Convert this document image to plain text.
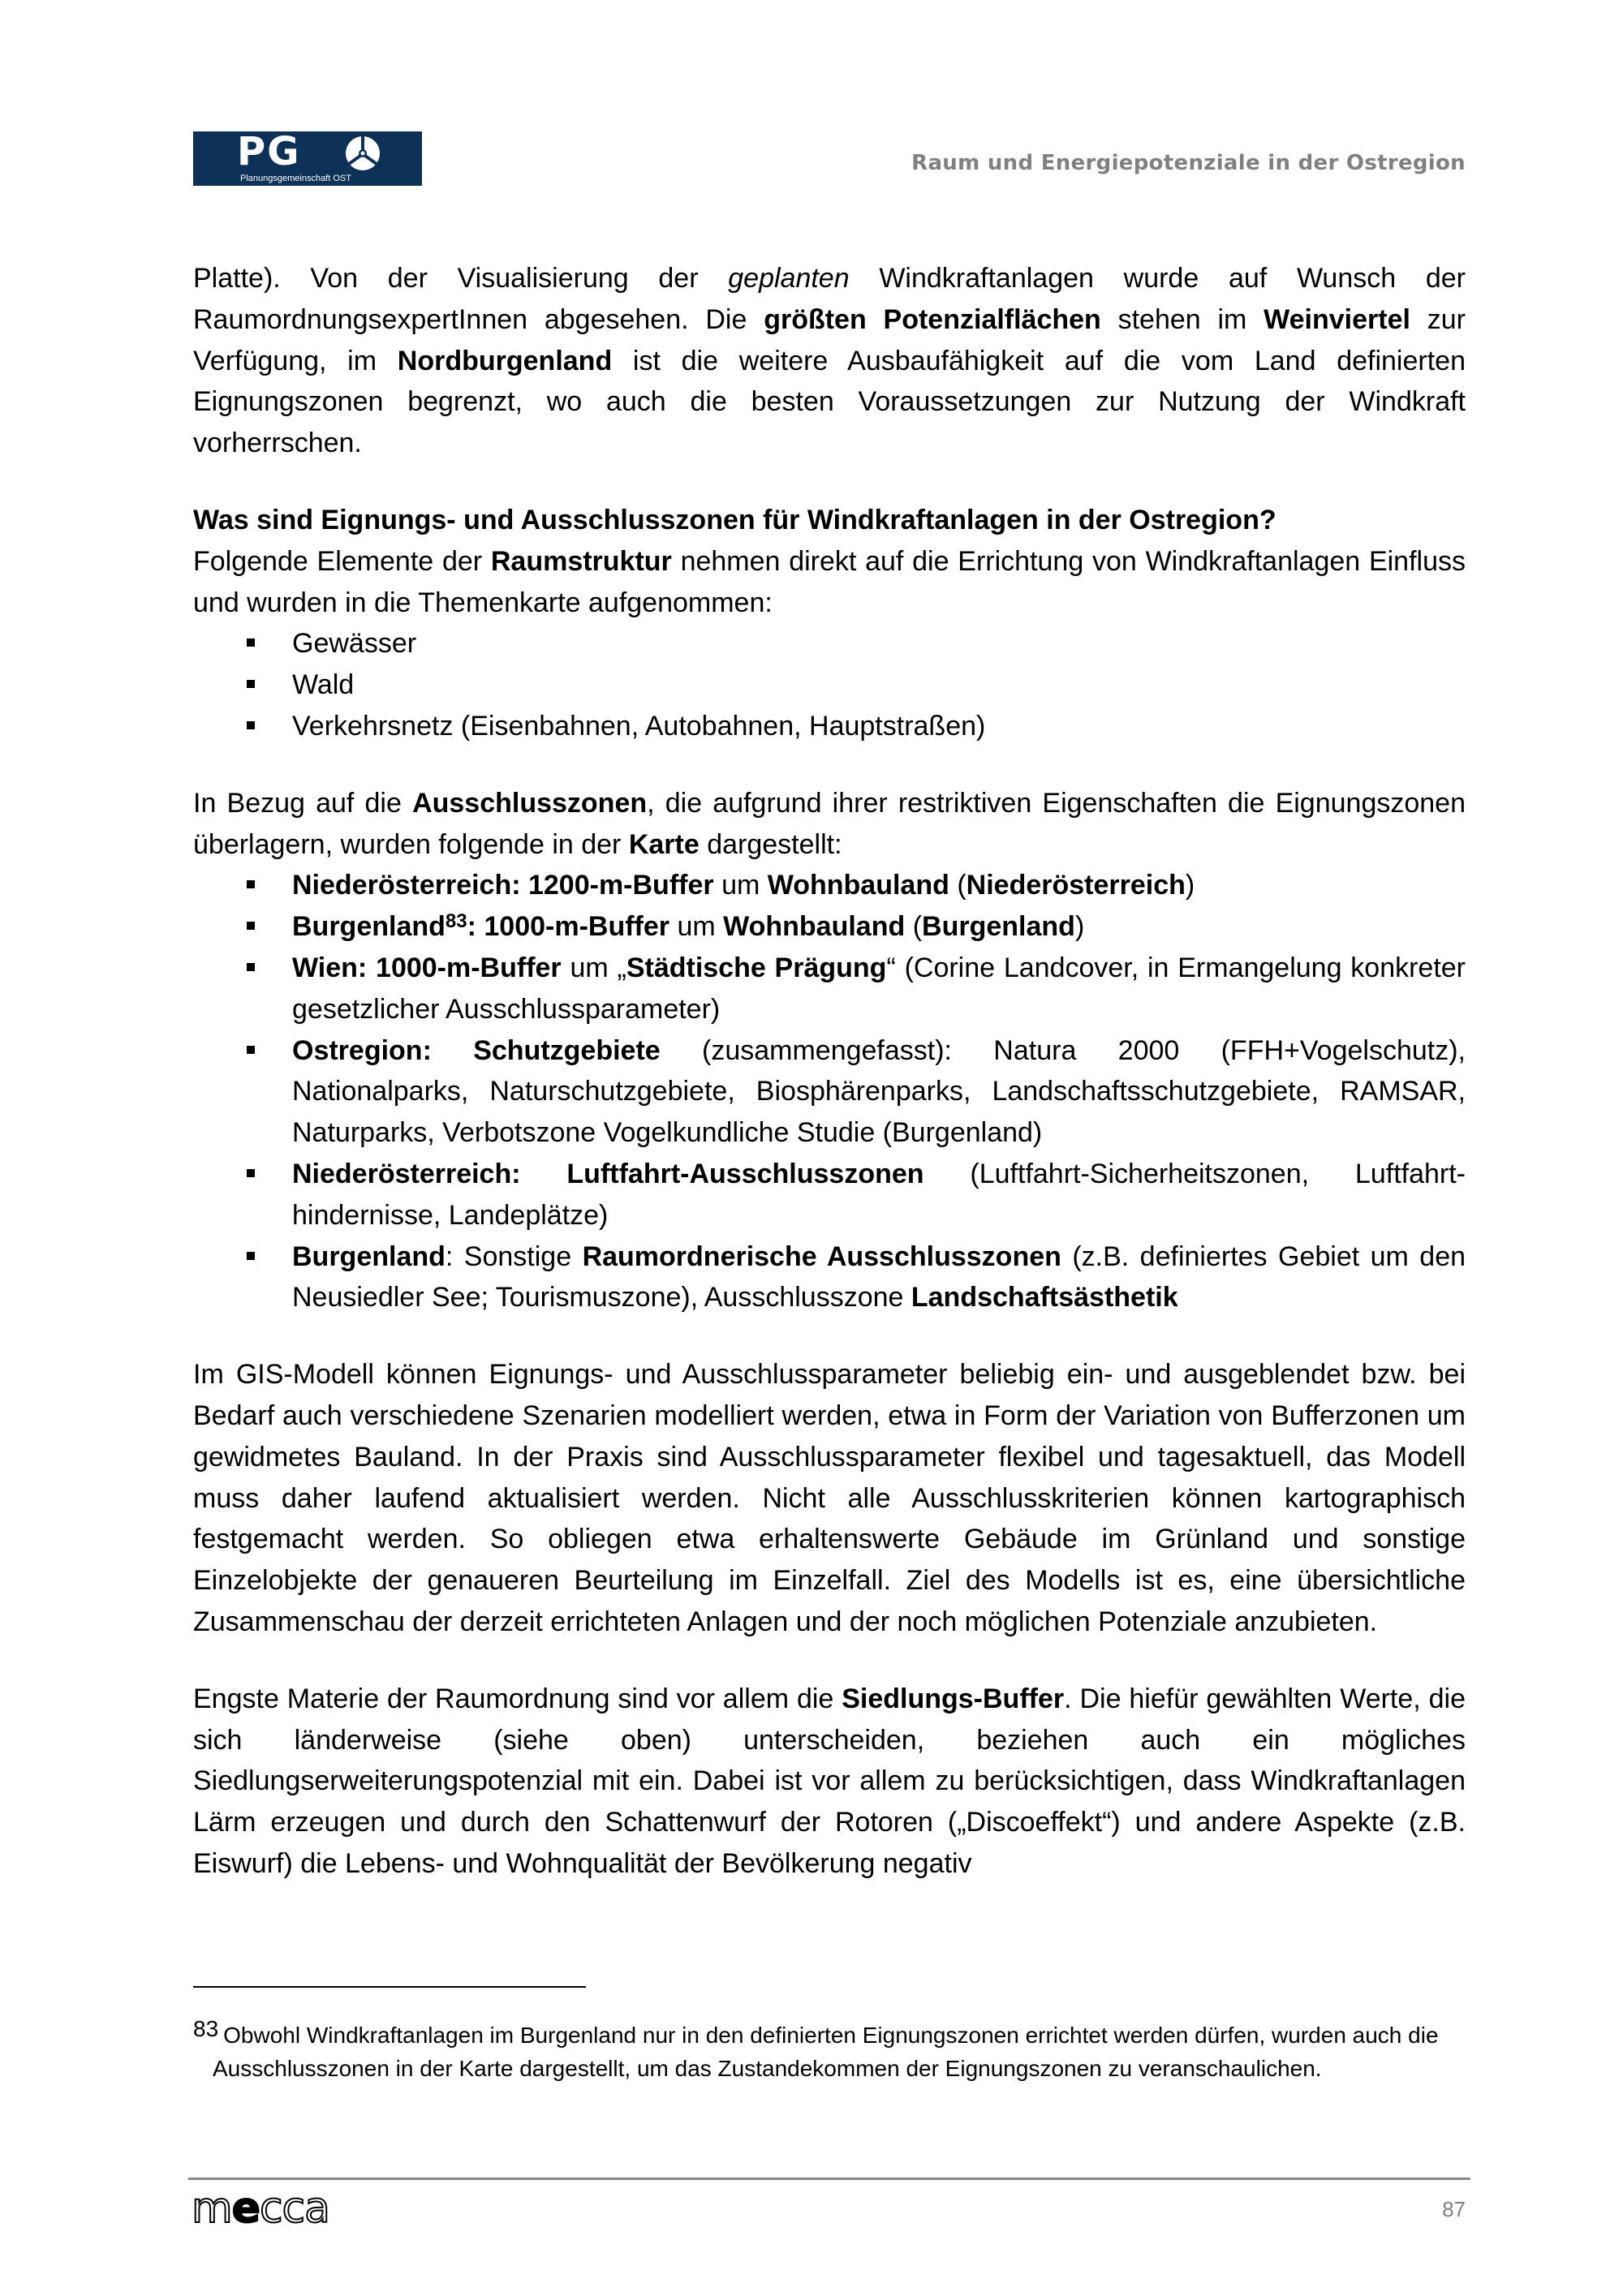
PG
Planungsgemeinschaft OST
Raum und Energiepotenziale in der Ostregion

Platte). Von der Visualisierung der geplanten Windkraftanlagen wurde auf Wunsch der RaumordnungsexpertInnen abgesehen. Die größten Potenzialflächen stehen im Weinviertel zur Verfügung, im Nordburgenland ist die weitere Ausbaufähigkeit auf die vom Land definierten Eignungszonen begrenzt, wo auch die besten Voraussetzungen zur Nutzung der Windkraft vorherrschen.

Was sind Eignungs- und Ausschlusszonen für Windkraftanlagen in der Ostregion?

Folgende Elemente der Raumstruktur nehmen direkt auf die Errichtung von Windkraftanlagen Einfluss und wurden in die Themenkarte aufgenommen:

Gewässer
Wald
Verkehrsnetz (Eisenbahnen, Autobahnen, Hauptstraßen)

In Bezug auf die Ausschlusszonen, die aufgrund ihrer restriktiven Eigenschaften die Eignungszonen überlagern, wurden folgende in der Karte dargestellt:

Niederösterreich: 1200-m-Buffer um Wohnbauland (Niederösterreich)
Burgenland$^{83}$: 1000-m-Buffer um Wohnbauland (Burgenland)
Wien: 1000-m-Buffer um „Städtische Prägung“ (Corine Landcover, in Ermangelung konkreter gesetzlicher Ausschlussparameter)
Ostregion: Schutzgebiete (zusammengefasst): Natura 2000 (FFH+Vogelschutz), Nationalparks, Naturschutzgebiete, Biosphärenparks, Landschaftsschutzgebiete, RAMSAR, Naturparks, Verbotszone Vogelkundliche Studie (Burgenland)
Niederösterreich: Luftfahrt-Ausschlusszonen (Luftfahrt-Sicherheitszonen, Luftfahrt-hindernisse, Landeplätze)
Burgenland: Sonstige Raumordnerische Ausschlusszonen (z.B. definiertes Gebiet um den Neusiedler See; Tourismuszone), Ausschlusszone Landschaftsästhetik

Im GIS-Modell können Eignungs- und Ausschlussparameter beliebig ein- und ausgeblendet bzw. bei Bedarf auch verschiedene Szenarien modelliert werden, etwa in Form der Variation von Bufferzonen um gewidmetes Bauland. In der Praxis sind Ausschlussparameter flexibel und tagesaktuell, das Modell muss daher laufend aktualisiert werden. Nicht alle Ausschlusskriterien können kartographisch festgemacht werden. So obliegen etwa erhaltenswerte Gebäude im Grünland und sonstige Einzelobjekte der genaueren Beurteilung im Einzelfall. Ziel des Modells ist es, eine übersichtliche Zusammenschau der derzeit errichteten Anlagen und der noch möglichen Potenziale anzubieten.

Engste Materie der Raumordnung sind vor allem die Siedlungs-Buffer. Die hiefür gewählten Werte, die sich länderweise (siehe oben) unterscheiden, beziehen auch ein mögliches Siedlungserweiterungspotenzial mit ein. Dabei ist vor allem zu berücksichtigen, dass Windkraftanlagen Lärm erzeugen und durch den Schattenwurf der Rotoren („Discoeffekt“) und andere Aspekte (z.B. Eiswurf) die Lebens- und Wohnqualität der Bevölkerung negativ

83 Obwohl Windkraftanlagen im Burgenland nur in den definierten Eignungszonen errichtet werden dürfen, wurden auch die Ausschlusszonen in der Karte dargestellt, um das Zustandekommen der Eignungszonen zu veranschaulichen.
mecca	87
